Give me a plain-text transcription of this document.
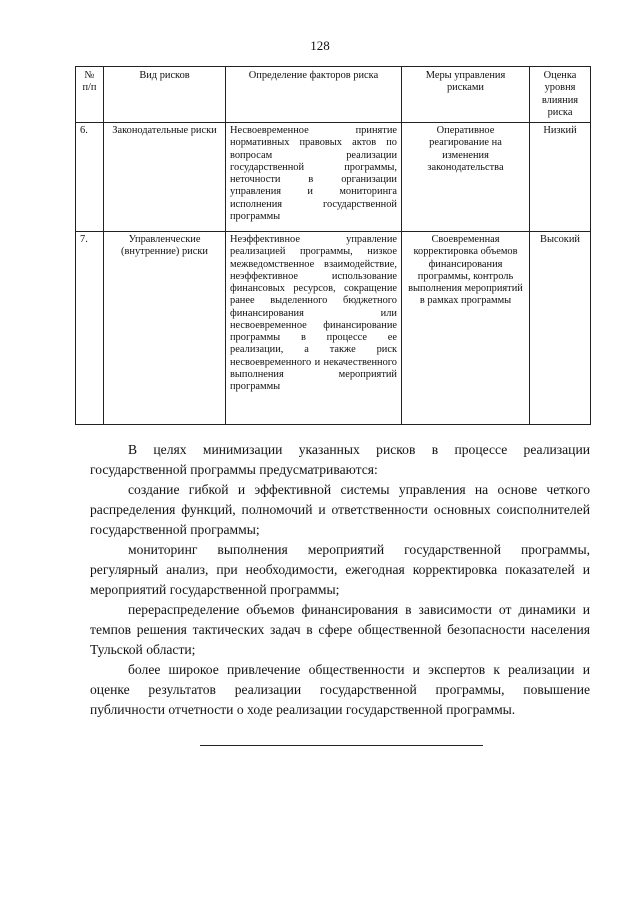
128
№ п/п	Вид рисков	Определение факторов риска	Меры управления рисками	Оценка уровня влияния риска
6.	Законодательные риски	Несвоевременное принятие нормативных правовых актов по вопросам реализации государственной программы, неточности в организации управления и мониторинга исполнения государственной программы	Оперативное реагирование на изменения законодательства	Низкий
7.	Управленческие (внутренние) риски	Неэффективное управление реализацией программы, низкое межведомственное взаимодействие, неэффективное использование финансовых ресурсов, сокращение ранее выделенного бюджетного финансирования или несвоевременное финансирование программы в процессе ее реализации, а также риск несвоевременного и некачественного выполнения мероприятий программы	Своевременная корректировка объемов финансирования программы, контроль выполнения мероприятий в рамках программы	Высокий

В целях минимизации указанных рисков в процессе реализации государственной программы предусматриваются:

создание гибкой и эффективной системы управления на основе четкого распределения функций, полномочий и ответственности основных соисполнителей государственной программы;

мониторинг выполнения мероприятий государственной программы, регулярный анализ, при необходимости, ежегодная корректировка показателей и мероприятий государственной программы;

перераспределение объемов финансирования в зависимости от динамики и темпов решения тактических задач в сфере общественной безопасности населения Тульской области;

более широкое привлечение общественности и экспертов к реализации и оценке результатов реализации государственной программы, повышение публичности отчетности о ходе реализации государственной программы.
